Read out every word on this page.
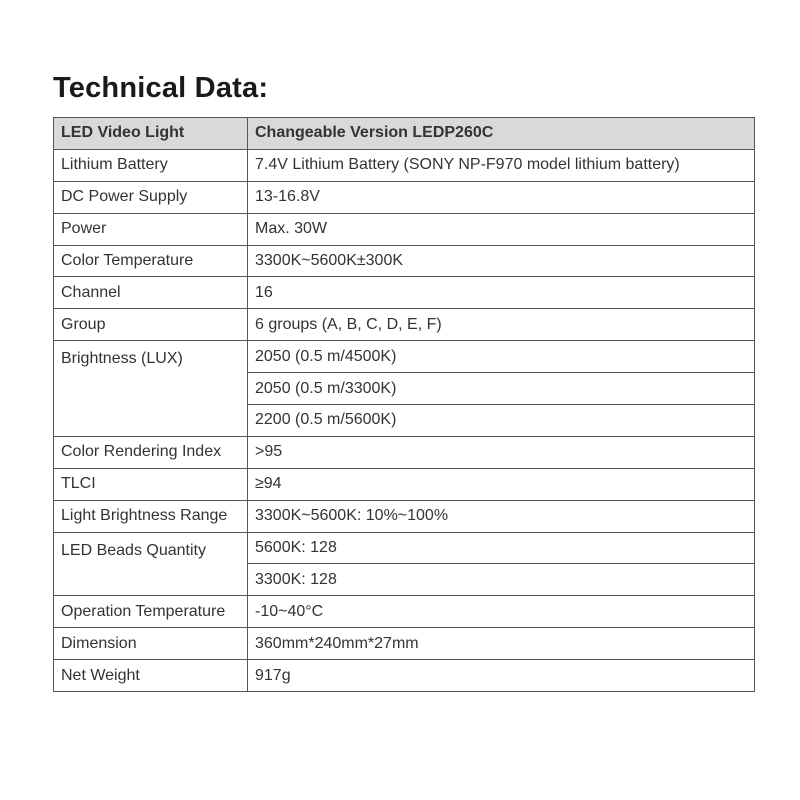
Technical Data:
LED Video Light	Changeable Version LEDP260C
Lithium Battery	7.4V Lithium Battery (SONY NP-F970 model lithium battery)
DC Power Supply	13-16.8V
Power	Max. 30W
Color Temperature	3300K~5600K±300K
Channel	16
Group	6 groups (A, B, C, D, E, F)
Brightness (LUX)	2050 (0.5 m/4500K)
	2050 (0.5 m/3300K)
	2200 (0.5 m/5600K)
Color Rendering Index	>95
TLCI	≥94
Light Brightness Range	3300K~5600K: 10%~100%
LED Beads Quantity	5600K: 128
	3300K: 128
Operation Temperature	-10~40°C
Dimension	360mm*240mm*27mm
Net Weight	917g
